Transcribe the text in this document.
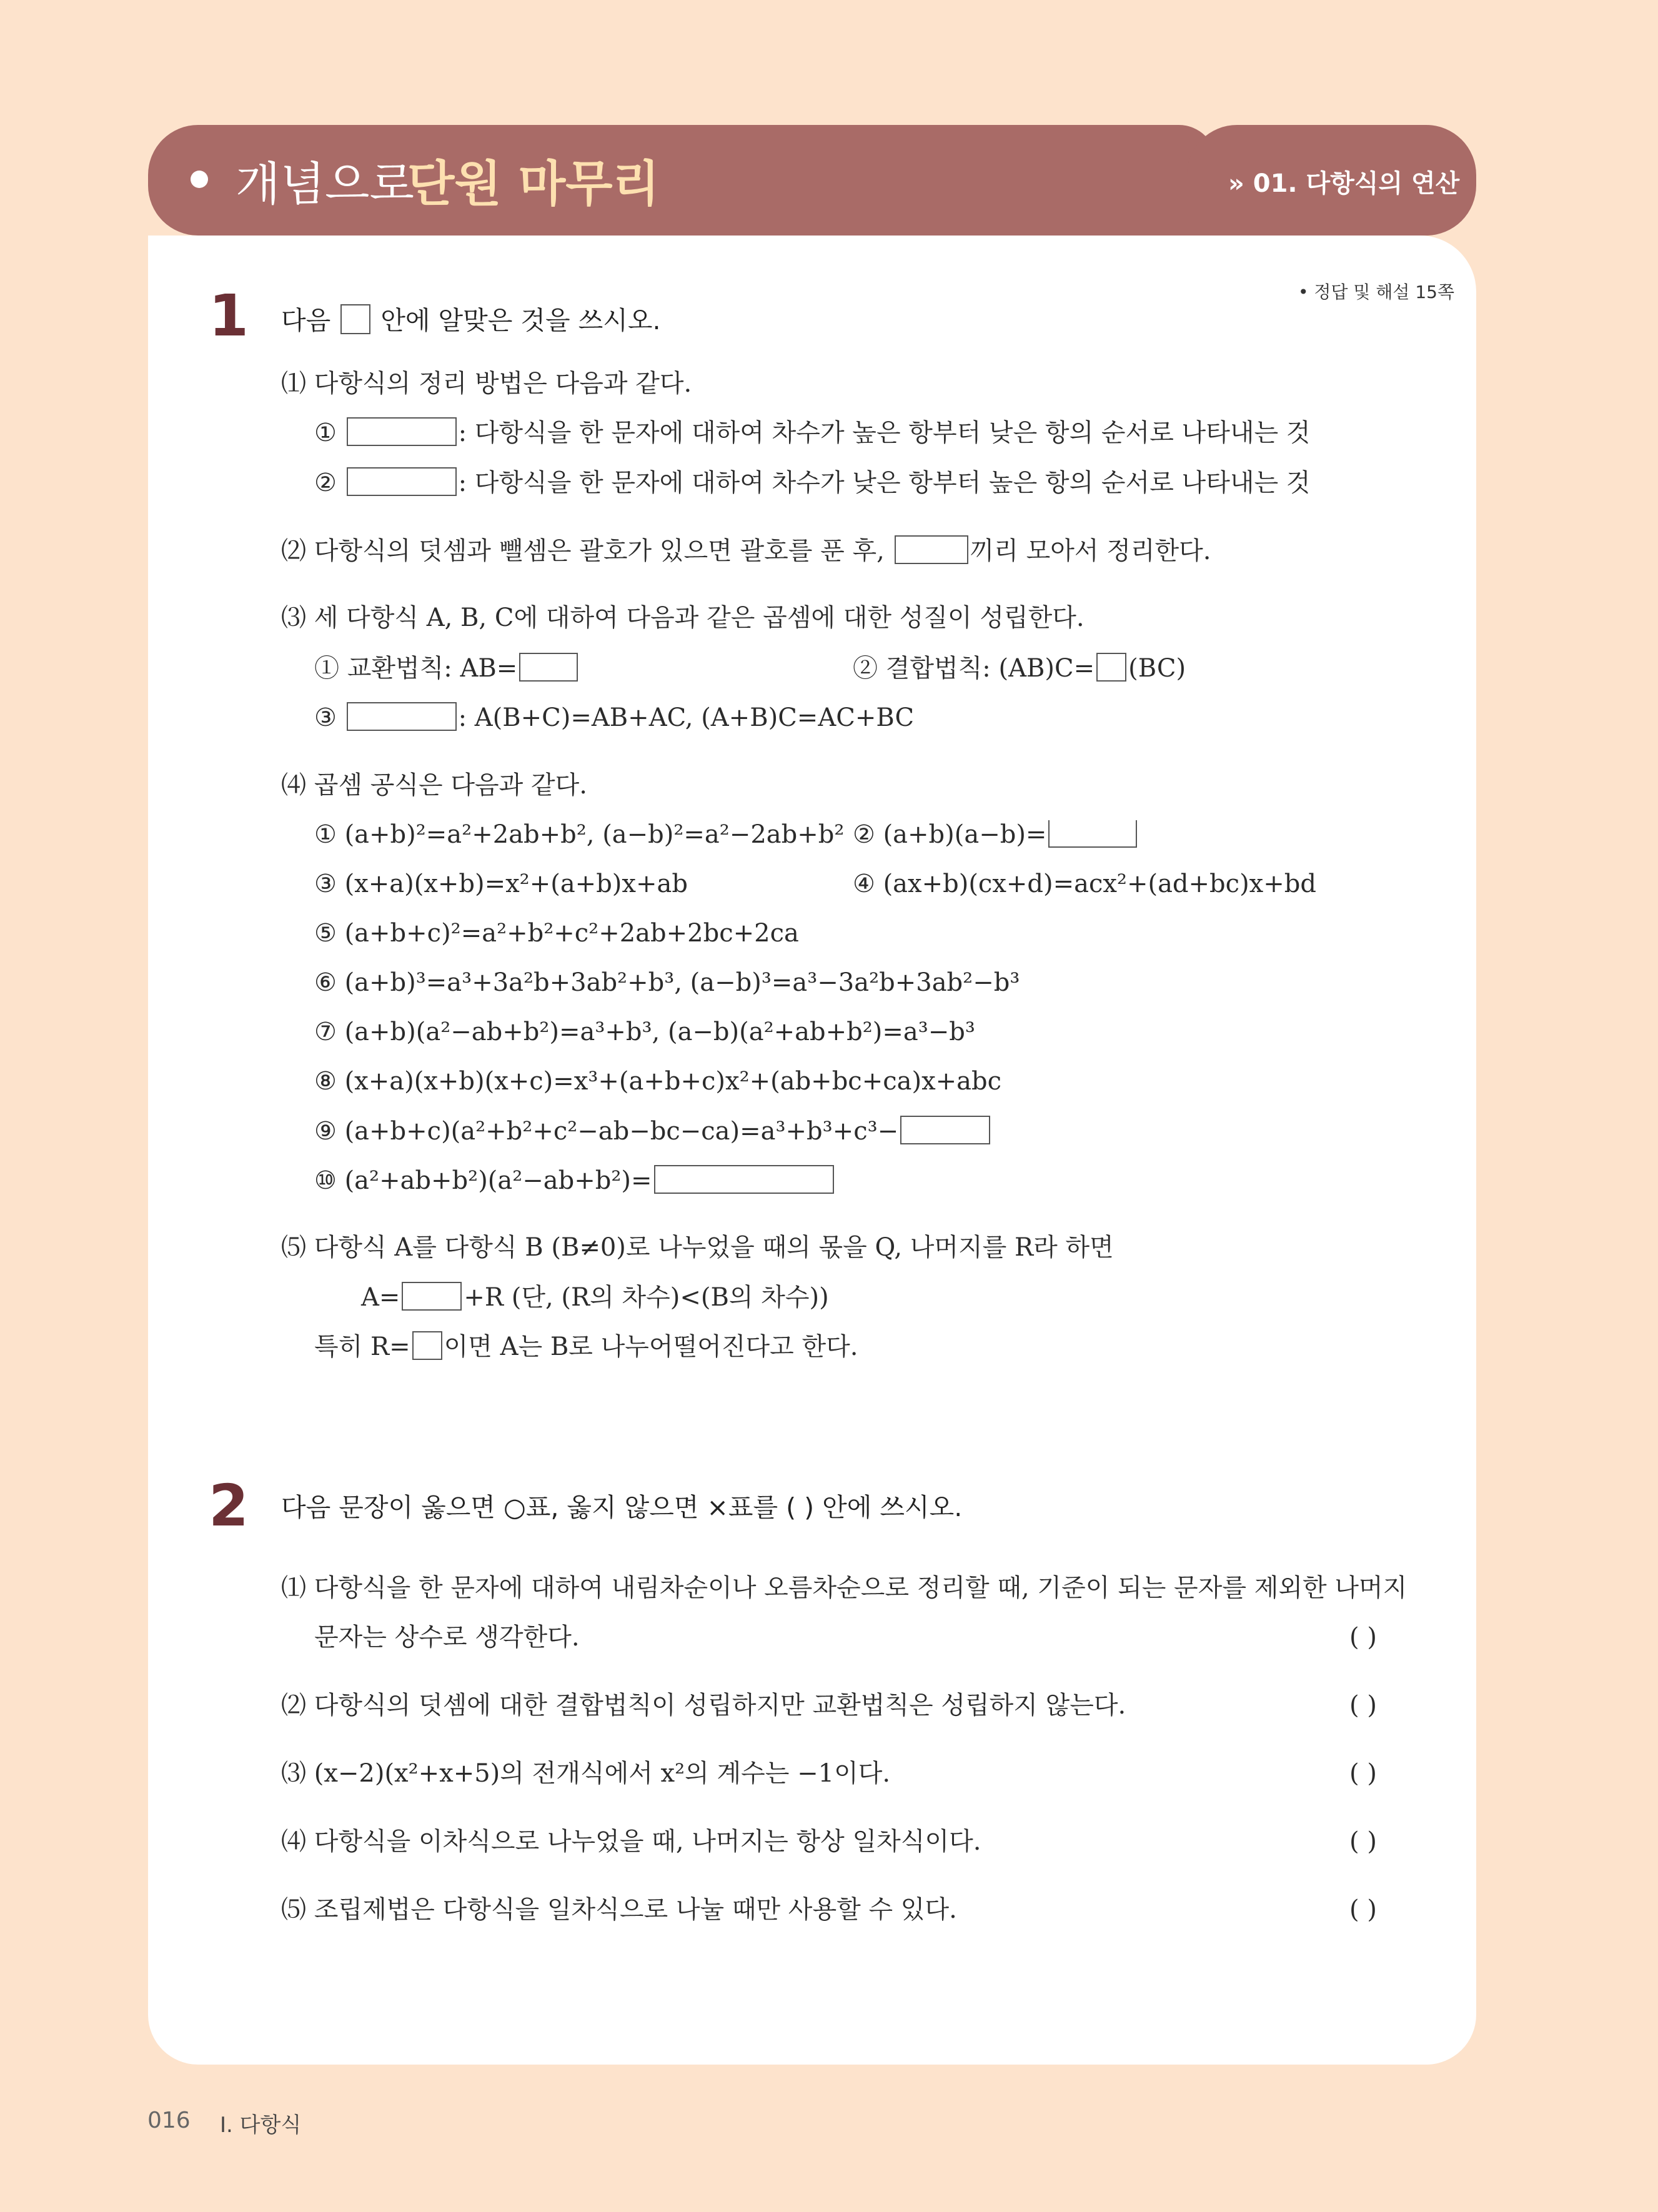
개념으로
단원 마무리	» 01. 다항식의 연산
• 정답 및 해설 15쪽
1 다음 안에 알맞은 것을 쓰시오.
⑴ 다항식의 정리 방법은 다음과 같다.
①	: 다항식을 한 문자에 대하여 차수가 높은 항부터 낮은 항의 순서로 나타내는 것
②	: 다항식을 한 문자에 대하여 차수가 낮은 항부터 높은 항의 순서로 나타내는 것
⑵ 다항식의 덧셈과 뺄셈은 괄호가 있으면 괄호를 푼 후,	끼리 모아서 정리한다.
⑶ 세 다항식 A, B, C에 대하여 다음과 같은 곱셈에 대한 성질이 성립한다.
① 교환법칙: AB=	② 결합법칙: (AB)C= (BC)
③	: A(B+C)=AB+AC, (A+B)C=AC+BC
⑷ 곱셈 공식은 다음과 같다.
① (a+b)²=a²+2ab+b², (a−b)²=a²−2ab+b² ② (a+b)(a−b)=
③ (x+a)(x+b)=x²+(a+b)x+ab	④ (ax+b)(cx+d)=acx²+(ad+bc)x+bd
⑤ (a+b+c)²=a²+b²+c²+2ab+2bc+2ca
⑥ (a+b)³=a³+3a²b+3ab²+b³, (a−b)³=a³−3a²b+3ab²−b³
⑦ (a+b)(a²−ab+b²)=a³+b³, (a−b)(a²+ab+b²)=a³−b³
⑧ (x+a)(x+b)(x+c)=x³+(a+b+c)x²+(ab+bc+ca)x+abc
⑨ (a+b+c)(a²+b²+c²−ab−bc−ca)=a³+b³+c³−
⑩ (a²+ab+b²)(a²−ab+b²)=
⑸ 다항식 A를 다항식 B (B≠0)로 나누었을 때의 몫을 Q, 나머지를 R라 하면
A=	+R (단, (R의 차수)<(B의 차수))
특히 R= 이면 A는 B로 나누어떨어진다고 한다.
2 다음 문장이 옳으면 ○표, 옳지 않으면 ×표를 ( ) 안에 쓰시오.
⑴ 다항식을 한 문자에 대하여 내림차순이나 오름차순으로 정리할 때, 기준이 되는 문자를 제외한 나머지
문자는 상수로 생각한다.	( )
⑵ 다항식의 덧셈에 대한 결합법칙이 성립하지만 교환법칙은 성립하지 않는다.	( )
⑶ (x−2)(x²+x+5)의 전개식에서 x²의 계수는 −1이다.	( )
⑷ 다항식을 이차식으로 나누었을 때, 나머지는 항상 일차식이다.	( )
⑸ 조립제법은 다항식을 일차식으로 나눌 때만 사용할 수 있다.	( )
016 Ⅰ. 다항식
